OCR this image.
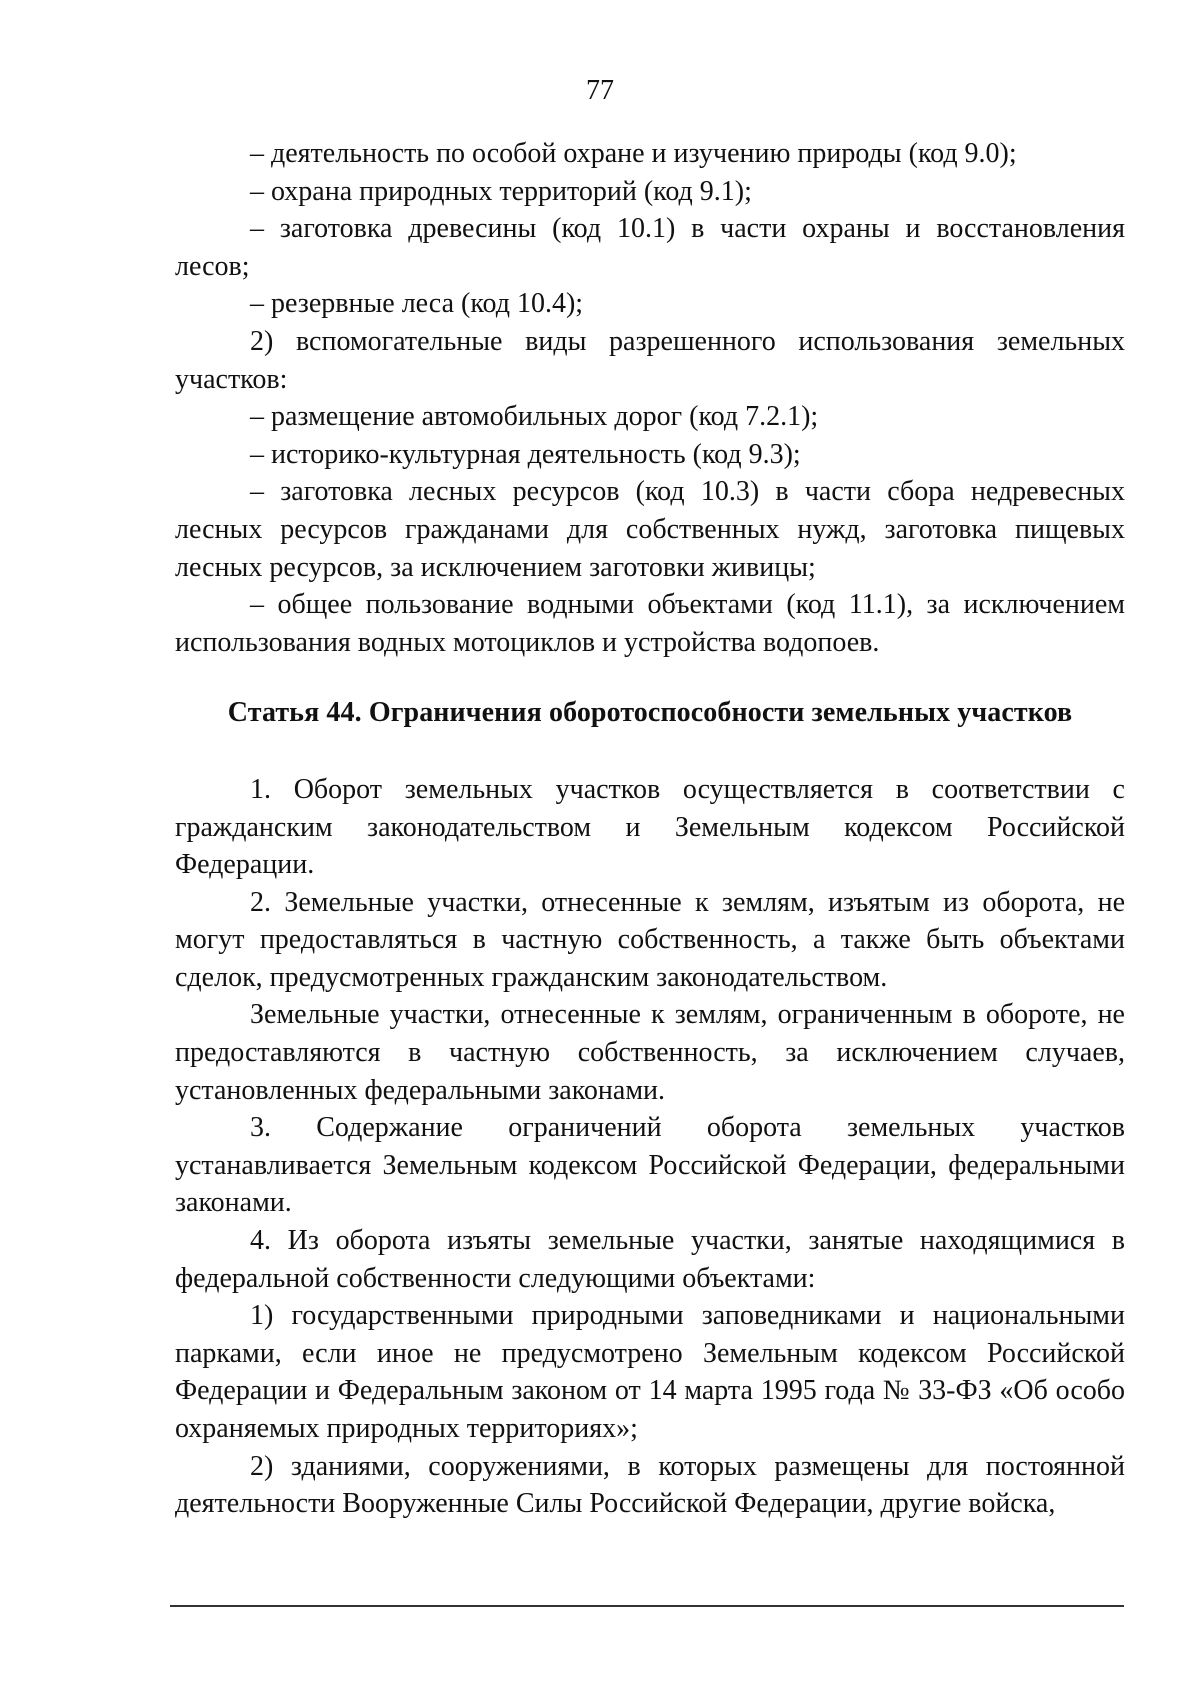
77

– деятельность по особой охране и изучению природы (код 9.0);

– охрана природных территорий (код 9.1);

– заготовка древесины (код 10.1) в части охраны и восстановления лесов;

– резервные леса (код 10.4);

2) вспомогательные виды разрешенного использования земельных участков:

– размещение автомобильных дорог (код 7.2.1);

– историко-культурная деятельность (код 9.3);

– заготовка лесных ресурсов (код 10.3) в части сбора недревесных лесных ресурсов гражданами для собственных нужд, заготовка пищевых лесных ресурсов, за исключением заготовки живицы;

– общее пользование водными объектами (код 11.1), за исключением использования водных мотоциклов и устройства водопоев.

Статья 44. Ограничения оборотоспособности земельных участков

1. Оборот земельных участков осуществляется в соответствии с гражданским законодательством и Земельным кодексом Российской Федерации.

2. Земельные участки, отнесенные к землям, изъятым из оборота, не могут предоставляться в частную собственность, а также быть объектами сделок, предусмотренных гражданским законодательством.

Земельные участки, отнесенные к землям, ограниченным в обороте, не предоставляются в частную собственность, за исключением случаев, установленных федеральными законами.

3. Содержание ограничений оборота земельных участков устанавливается Земельным кодексом Российской Федерации, федеральными законами.

4. Из оборота изъяты земельные участки, занятые находящимися в федеральной собственности следующими объектами:

1) государственными природными заповедниками и национальными парками, если иное не предусмотрено Земельным кодексом Российской Федерации и Федеральным законом от 14 марта 1995 года № 33-ФЗ «Об особо охраняемых природных территориях»;

2) зданиями, сооружениями, в которых размещены для постоянной деятельности Вооруженные Силы Российской Федерации, другие войска,
